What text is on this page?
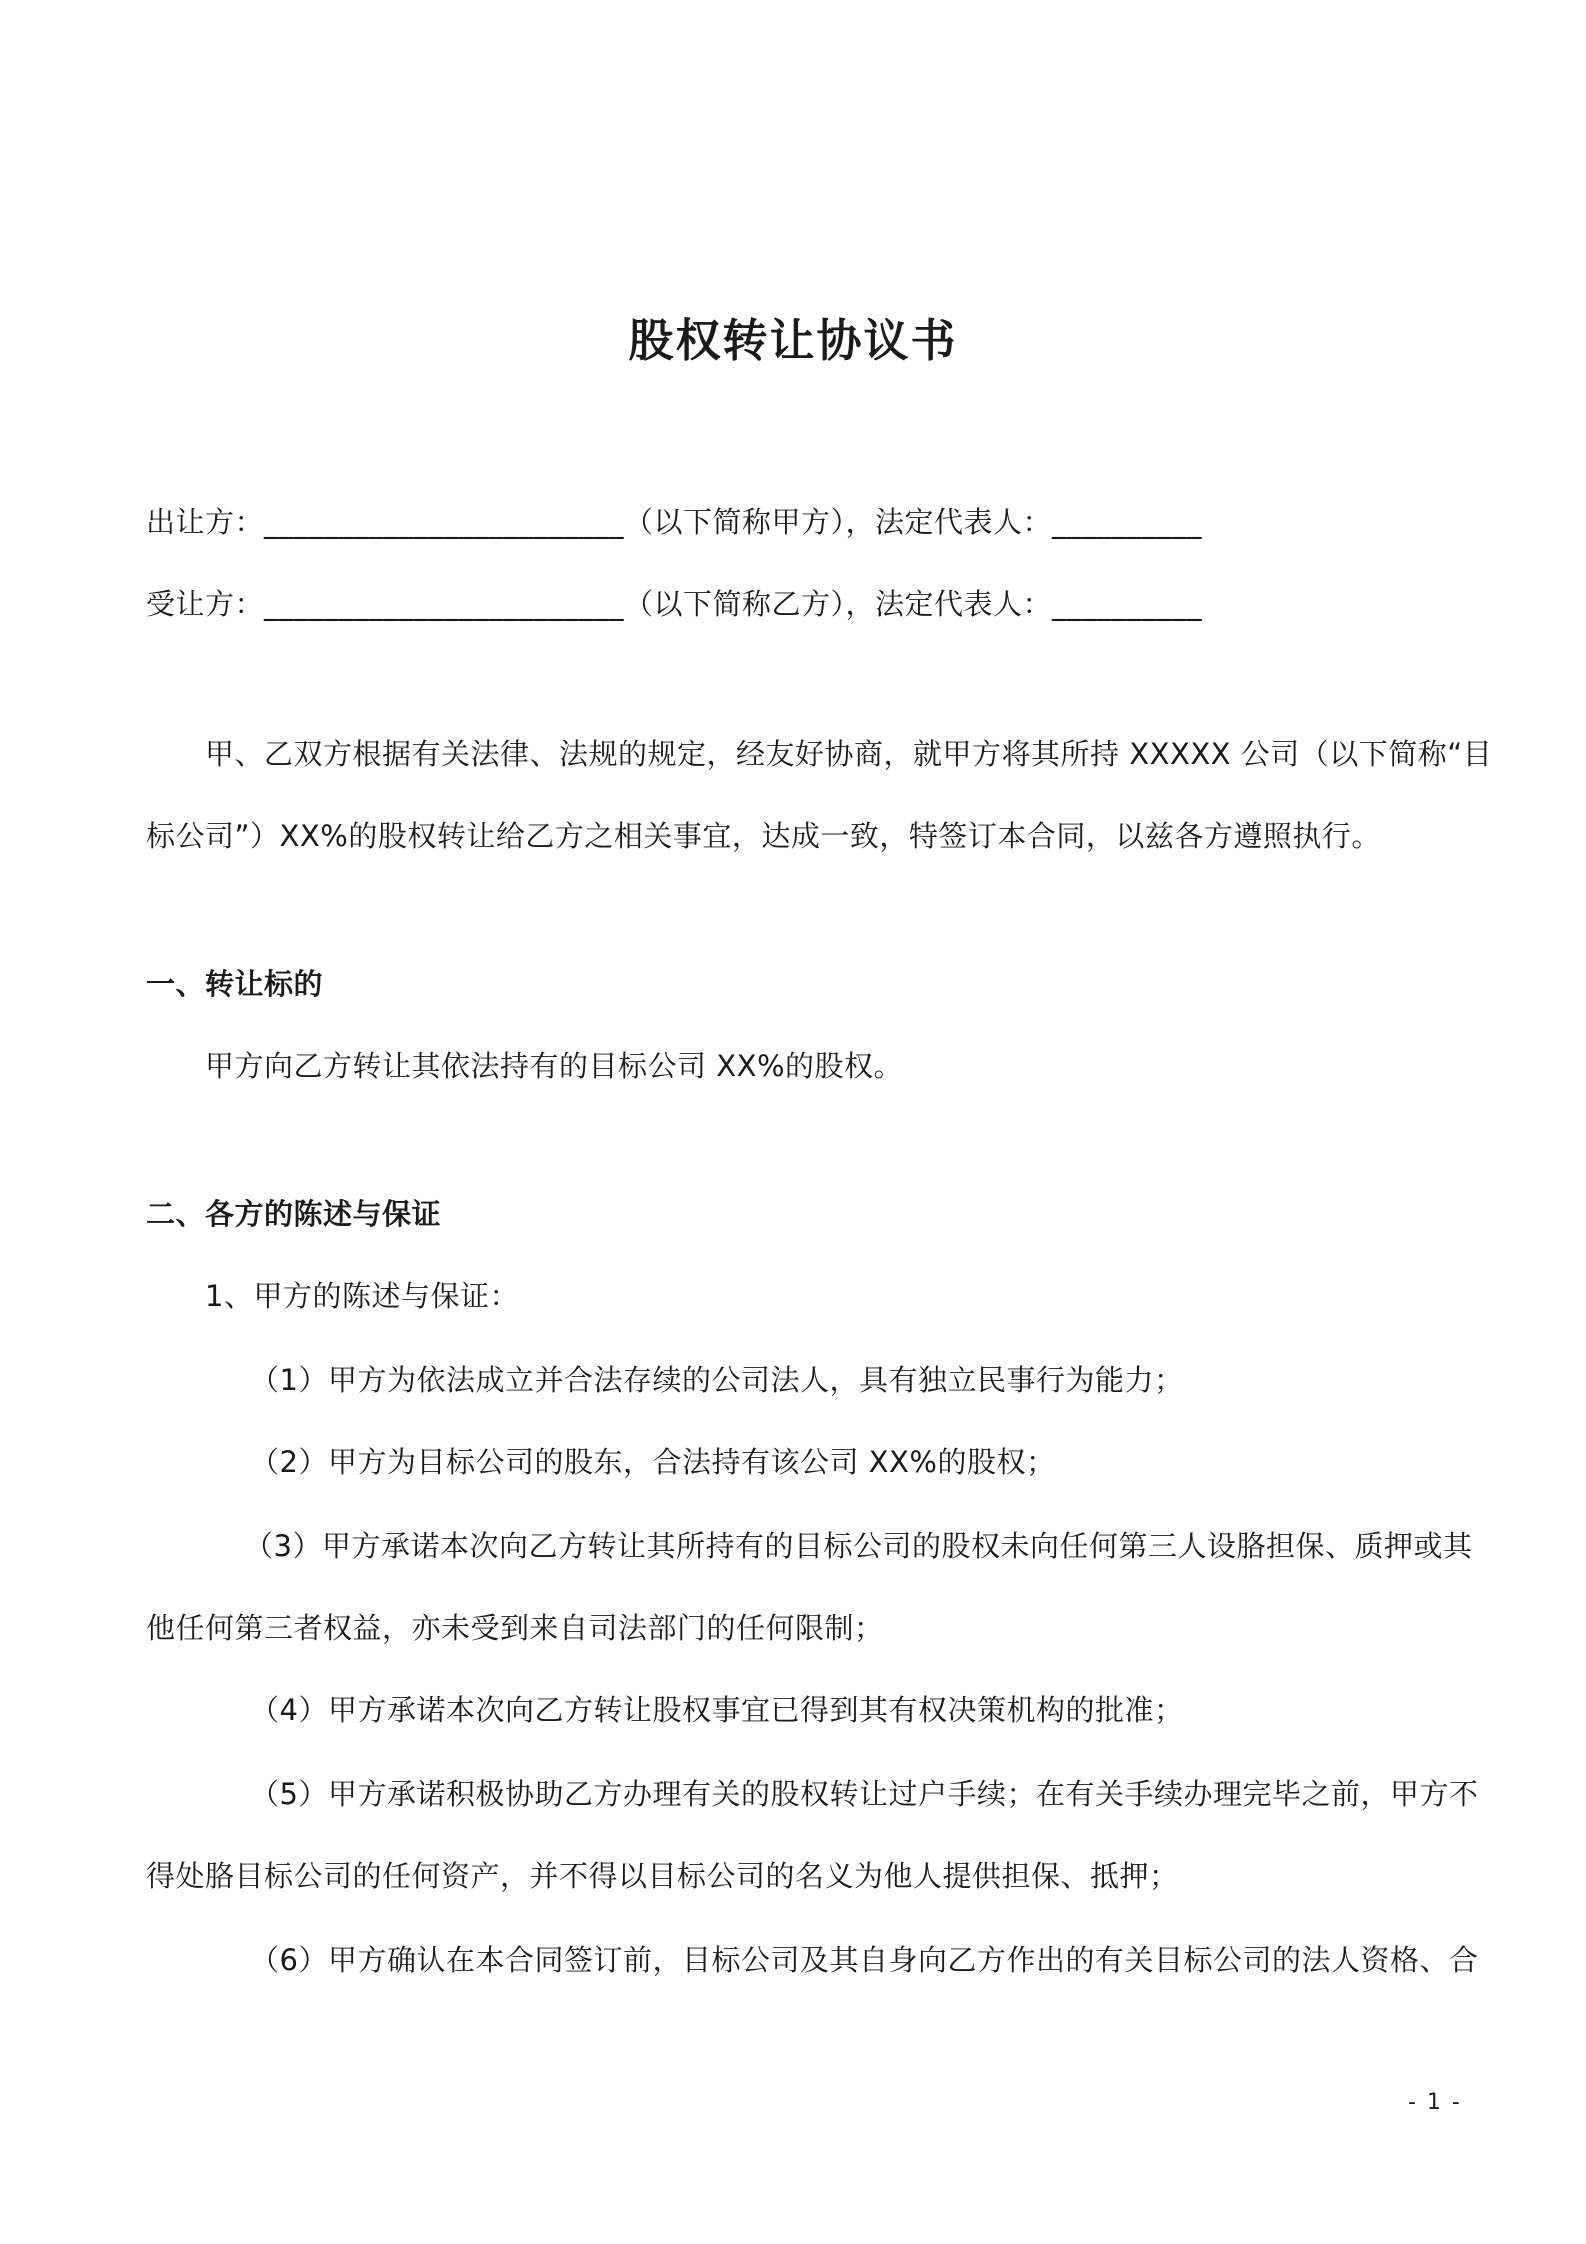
股权转让协议书
出让方：________________________（以下简称甲方），法定代表人：__________
受让方：________________________（以下简称乙方），法定代表人：__________
甲、乙双方根据有关法律、法规的规定，经友好协商，就甲方将其所持 XXXXX 公司（以下简称“目
标公司”）XX%的股权转让给乙方之相关事宜，达成一致，特签订本合同，以兹各方遵照执行。
一、转让标的
甲方向乙方转让其依法持有的目标公司 XX%的股权。
二、各方的陈述与保证
1、甲方的陈述与保证：
（1）甲方为依法成立并合法存续的公司法人，具有独立民事行为能力；
（2）甲方为目标公司的股东，合法持有该公司 XX%的股权；
（3）甲方承诺本次向乙方转让其所持有的目标公司的股权未向任何第三人设胳担保、质押或其
他任何第三者权益，亦未受到来自司法部门的任何限制；
（4）甲方承诺本次向乙方转让股权事宜已得到其有权决策机构的批准；
（5）甲方承诺积极协助乙方办理有关的股权转让过户手续；在有关手续办理完毕之前，甲方不
得处胳目标公司的任何资产，并不得以目标公司的名义为他人提供担保、抵押；
（6）甲方确认在本合同签订前，目标公司及其自身向乙方作出的有关目标公司的法人资格、合
- 1 -
